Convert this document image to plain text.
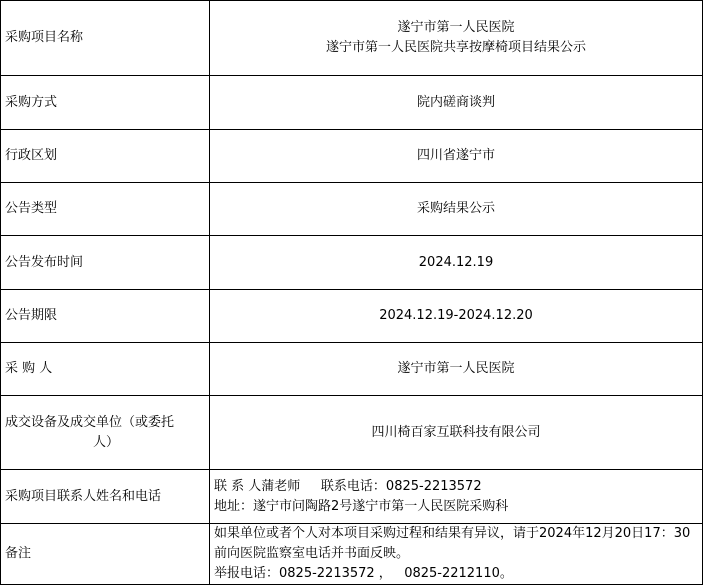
采购项目名称	遂宁市第一人民医院
遂宁市第一人民医院共享按摩椅项目结果公示

采购方式	院内磋商谈判
行政区划	四川省遂宁市
公告类型	采购结果公示
公告发布时间	2024.12.19
公告期限	2024.12.19-2024.12.20
采 购 人	遂宁市第一人民医院

成交设备及成交单位（或委托
人）	四川椅百家互联科技有限公司
采购项目联系人姓名和电话	联 系 人蒲老师     联系电话：0825-2213572
地址：遂宁市问陶路2号遂宁市第一人民医院采购科

备注	如果单位或者个人对本项目采购过程和结果有异议，请于2024年12月20日17：30前向医院监察室电话并书面反映。
举报电话：0825-2213572 ，   0825-2212110。
